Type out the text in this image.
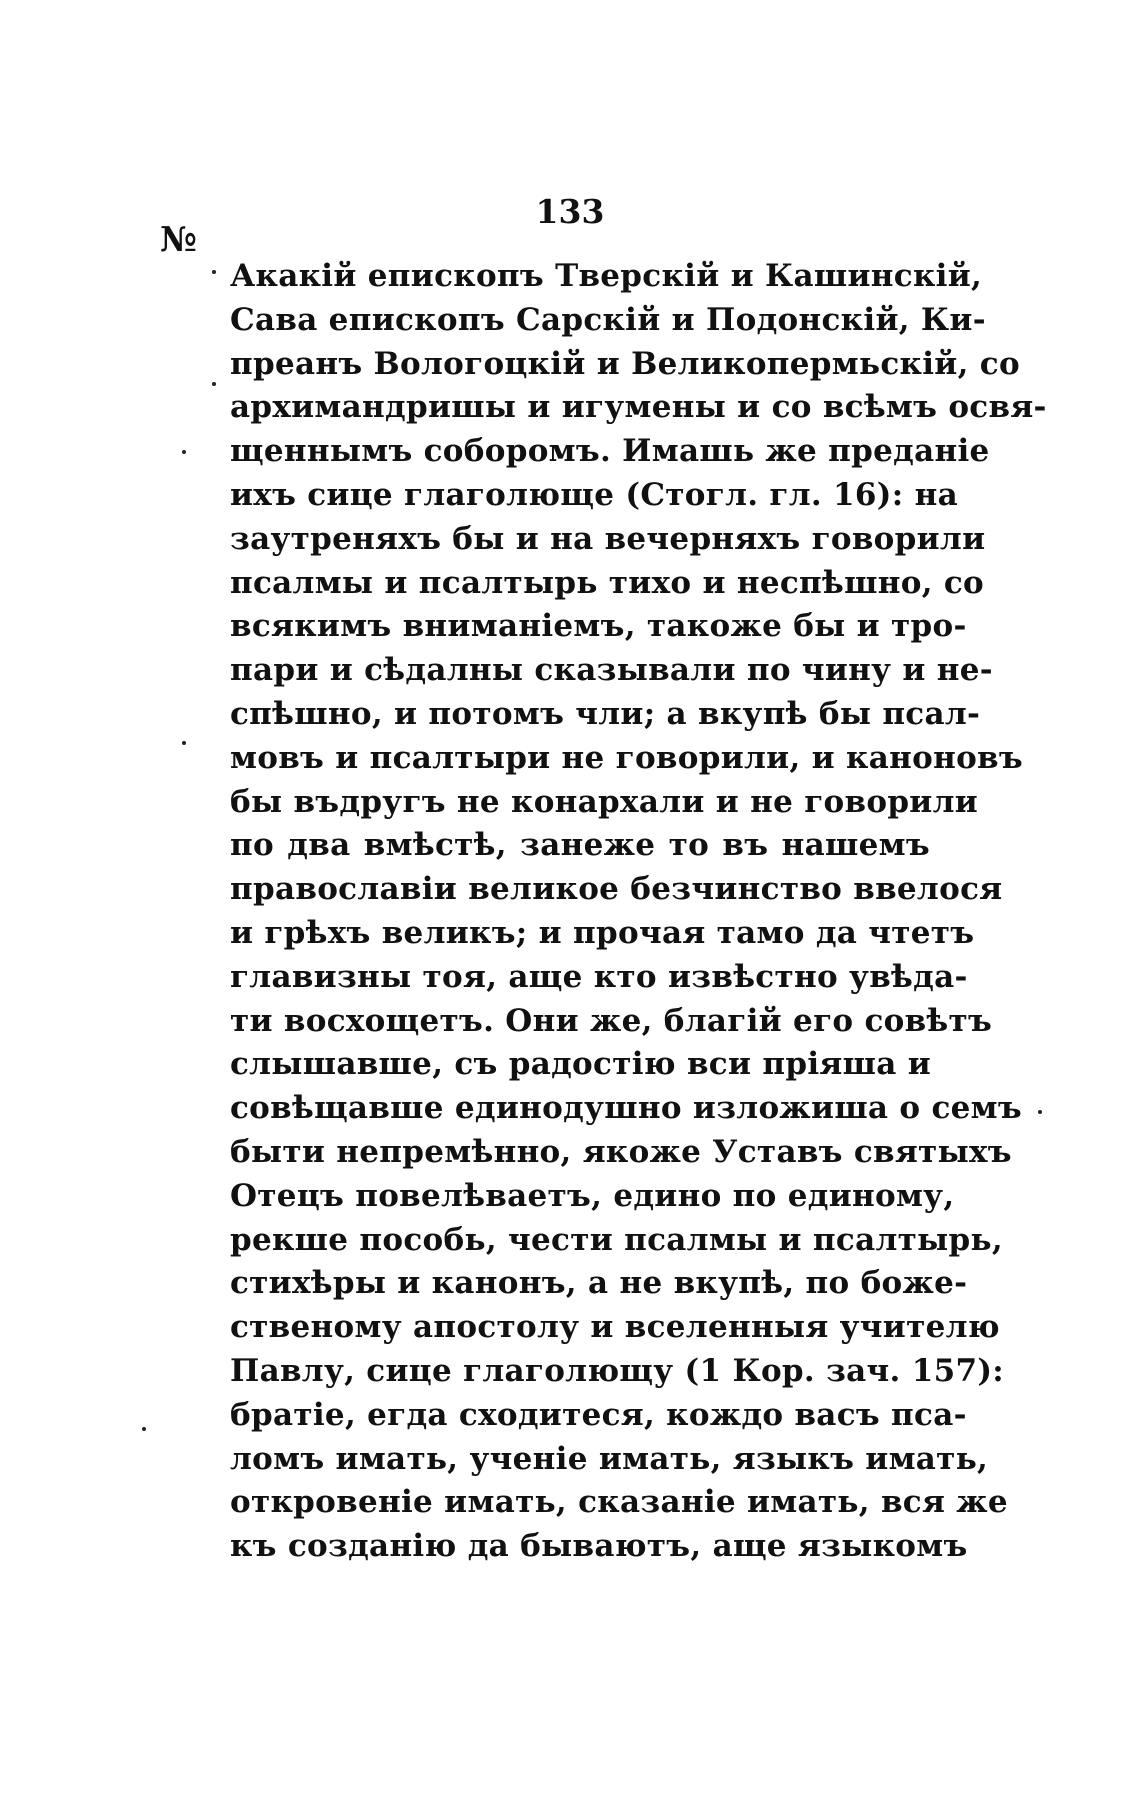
133
№
Акакій епископъ Тверскій и Кашинскій,
Сава епископъ Сарскій и Подонскій, Ки-
преанъ Вологоцкій и Великопермьскій, со
архимандришы и игумены и со всѣмъ освя-
щеннымъ соборомъ. Имашь же преданіе
ихъ сице глаголюще (Стогл. гл. 16): на
заутреняхъ бы и на вечерняхъ говорили
псалмы и псалтырь тихо и неспѣшно, со
всякимъ вниманіемъ, такоже бы и тро-
пари и сѣдалны сказывали по чину и не-
спѣшно, и потомъ чли; а вкупѣ бы псал-
мовъ и псалтыри не говорили, и каноновъ
бы въдругъ не конархали и не говорили
по два вмѣстѣ, занеже то въ нашемъ
православіи великое безчинство ввелося
и грѣхъ великъ; и прочая тамо да чтетъ
главизны тоя, аще кто извѣстно увѣда-
ти восхощетъ. Они же, благій его совѣтъ
слышавше, съ радостію вси пріяша и
совѣщавше единодушно изложиша о семъ
быти непремѣнно, якоже Уставъ святыхъ
Отецъ повелѣваетъ, едино по единому,
рекше пособь, чести псалмы и псалтырь,
стихѣры и канонъ, а не вкупѣ, по боже-
ственому апостолу и вселенныя учителю
Павлу, сице глаголющу (1 Кор. зач. 157):
братіе, егда сходитеся, кождо васъ пса-
ломъ имать, ученіе имать, языкъ имать,
откровеніе имать, сказаніе имать, вся же
къ созданію да бываютъ, аще языкомъ
